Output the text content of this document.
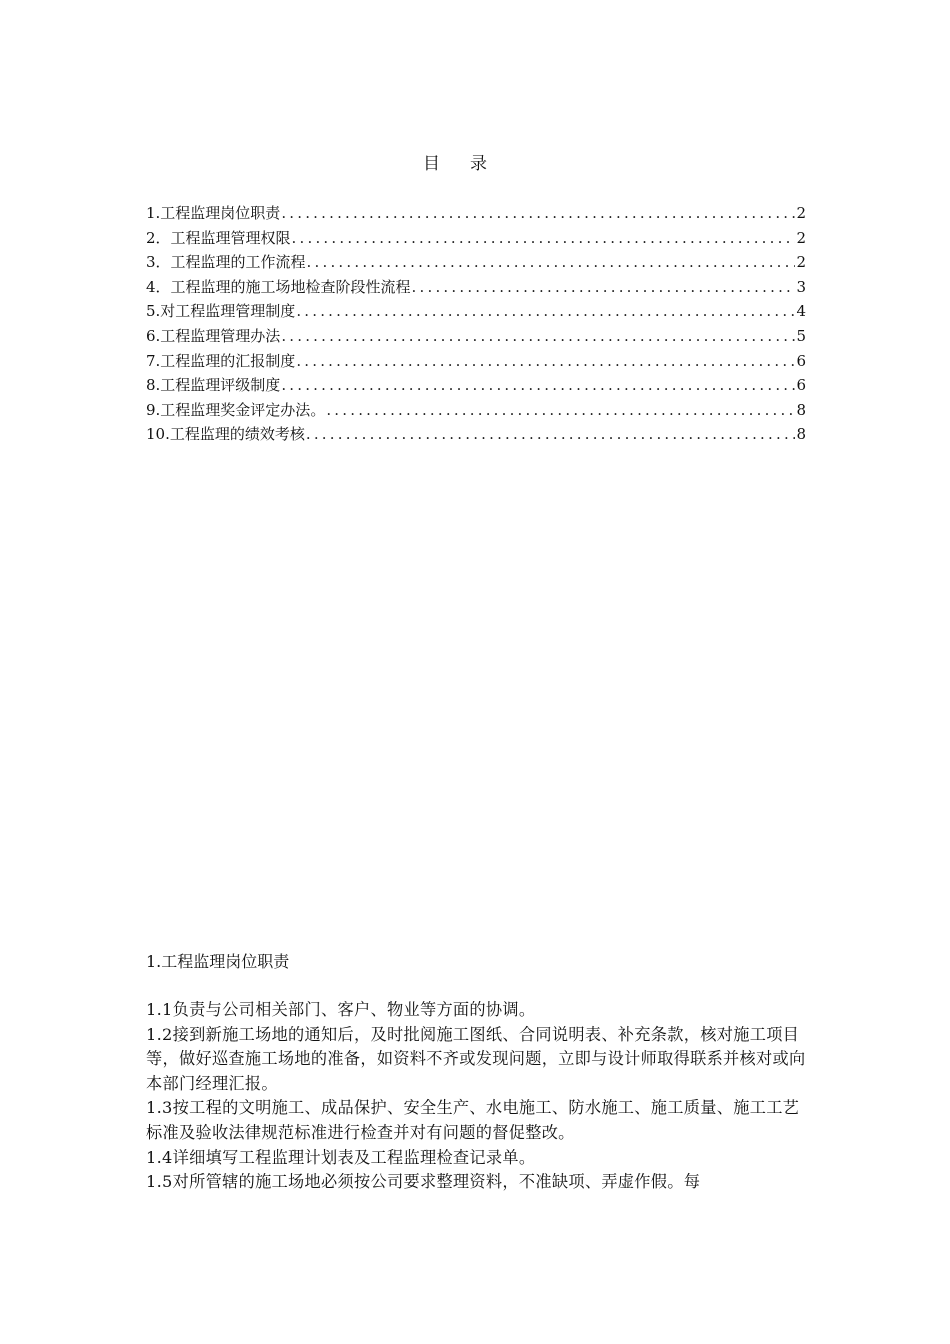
目 录
1.工程监理岗位职责 .....	2
2．工程监理管理权限 .....	2
3．工程监理的工作流程 .....	2
4．工程监理的施工场地检查阶段性流程 .....	3
5.对工程监理管理制度 .....	4
6.工程监理管理办法 .....	5
7.工程监理的汇报制度 .....	6
8.工程监理评级制度 .....	6
9.工程监理奖金评定办法。 .....	8
10.工程监理的绩效考核 .....	8
1.工程监理岗位职责

1.1负责与公司相关部门、客户、物业等方面的协调。

1.2接到新施工场地的通知后，及时批阅施工图纸、合同说明表、补充条款，核对施工项目等，做好巡查施工场地的准备，如资料不齐或发现问题，立即与设计师取得联系并核对或向本部门经理汇报。

1.3按工程的文明施工、成品保护、安全生产、水电施工、防水施工、施工质量、施工工艺标准及验收法律规范标准进行检查并对有问题的督促整改。

1.4详细填写工程监理计划表及工程监理检查记录单。

1.5对所管辖的施工场地必须按公司要求整理资料，不准缺项、弄虚作假。每
